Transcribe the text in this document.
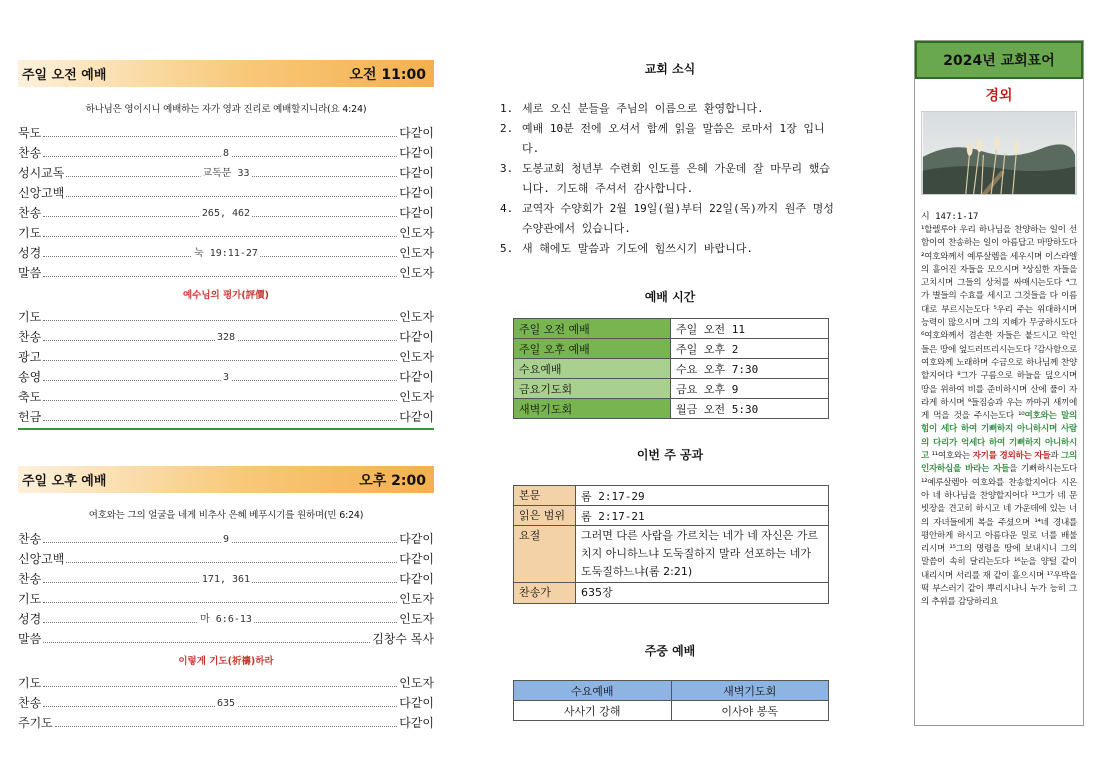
주일 오전 예배	오전 11:00
하나님은 영이시니 예배하는 자가 영과 진리로 예배할지니라(요 4:24)
묵도	다같이
찬송	8	다같이
성시교독	교독문 33	다같이
신앙고백	다같이
찬송	265, 462	다같이
기도	인도자
성경	눅 19:11-27	인도자
말씀	인도자
예수님의 평가(評價)
기도	인도자
찬송	328	다같이
광고	인도자
송영	3	다같이
축도	인도자
헌금	다같이
주일 오후 예배	오후 2:00
여호와는 그의 얼굴을 네게 비추사 은혜 베푸시기를 원하며(민 6:24)
찬송	9	다같이
신앙고백	다같이
찬송	171, 361	다같이
기도	인도자
성경	마 6:6-13	인도자
말씀	김창수 목사
이렇게 기도(祈禱)하라
기도	인도자
찬송	635	다같이
주기도	다같이
교회 소식
1. 세로 오신 분들을 주님의 이름으로 환영합니다.
2. 예배 10분 전에 오셔서 함께 읽을 말씀은 로마서 1장 입니다.
3. 도봉교회 청년부 수련회 인도를 은혜 가운데 잘 마무리 했습니다. 기도해 주셔서 감사합니다.
4. 교역자 수양회가 2월 19일(월)부터 22일(목)까지 원주 명성 수양관에서 있습니다.
5. 새 해에도 말씀과 기도에 힘쓰시기 바랍니다.
예배 시간
주일 오전 예배	주일 오전 11
주일 오후 예배	주일 오후 2
수요예배	수요 오후 7:30
금요기도회	금요 오후 9
새벽기도회	월금 오전 5:30
이번 주 공과
본문	롬 2:17-29
읽은 범위	롬 2:17-21
요절	그러면 다른 사람을 가르치는 네가 네 자신은 가르치지 아니하느냐 도둑질하지 말라 선포하는 네가 도둑질하느냐(롬 2:21)
찬송가	635장
주중 예배
수요예배	새벽기도회
사사기 강해	이사야 봉독
2024년 교회표어
경외
시 147:1-17
¹할렐루야 우리 하나님을 찬양하는 일이 선함이여 찬송하는 일이 아름답고 마땅하도다 ²여호와께서 예루살렘을 세우시며 이스라엘의 흩어진 자들을 모으시며 ³상심한 자들을 고치시며 그들의 상처를 싸매시는도다 ⁴그가 별들의 수효를 세시고 그것들을 다 이름대로 부르시는도다 ⁵우리 주는 위대하시며 능력이 많으시며 그의 지혜가 무궁하시도다 ⁶여호와께서 겸손한 자들은 붙드시고 악인들은 땅에 엎드러뜨리시는도다 ⁷감사함으로 여호와께 노래하며 수금으로 하나님께 찬양할지어다 ⁸그가 구름으로 하늘을 덮으시며 땅을 위하여 비를 준비하시며 산에 풀이 자라게 하시며 ⁹들짐승과 우는 까마귀 새끼에게 먹을 것을 주시는도다 ¹⁰여호와는 말의 힘이 세다 하여 기뻐하지 아니하시며 사람의 다리가 억세다 하여 기뻐하지 아니하시고 ¹¹여호와는 자기를 경외하는 자들과 그의 인자하심을 바라는 자들을 기뻐하시는도다 ¹²예루살렘아 여호와를 찬송할지어다 시온아 네 하나님을 찬양할지어다 ¹³그가 네 문빗장을 견고히 하시고 네 가운데에 있는 너의 자녀들에게 복을 주셨으며 ¹⁴네 경내를 평안하게 하시고 아름다운 밀로 너를 배불리시며 ¹⁵그의 명령을 땅에 보내시니 그의 말씀이 속히 달리는도다 ¹⁶눈을 양털 같이 내리시며 서리를 재 같이 흩으시며 ¹⁷우박을 떡 부스러기 같이 뿌리시나니 누가 능히 그의 추위를 감당하리요
